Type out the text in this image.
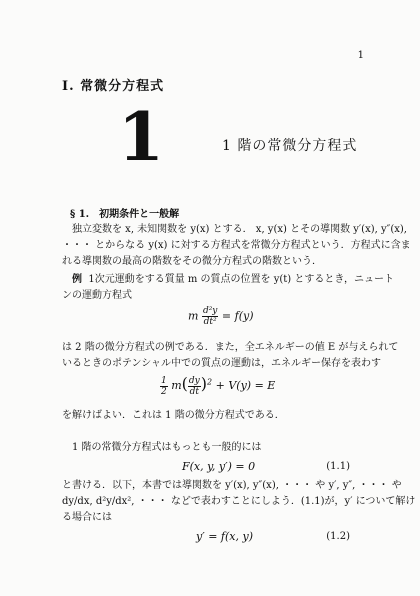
1
I. 常微分方程式
1	1 階の常微分方程式
§ 1.　初期条件と一般解
独立変数を x, 未知関数を y(x) とする． x, y(x) とその導関数 y′(x), y″(x),
・・・ とからなる y(x) に対する方程式を常微分方程式という．方程式に含ま
れる導関数の最高の階数をその微分方程式の階数という．
例 1次元運動をする質量 m の質点の位置を y(t) とするとき，ニュート
ンの運動方程式
m $\frac{\text{d²y}}{\text{dt²}} = f(y)$
は 2 階の微分方程式の例である．また，全エネルギーの値 E が与えられて
いるときのポテンシャル中での質点の運動は，エネルギー保存を表わす
$\frac{1}{2} m( \frac{dy}{dt} )^2 + V(y) = E$
を解けばよい．これは 1 階の微分方程式である．
1 階の常微分方程式はもっとも一般的には
F(x, y, y′) = 0	(1.1)
と書ける．以下，本書では導関数を y′(x), y″(x), ・・・ や y′, y″, ・・・ や
dy/dx, d²y/dx², ・・・ などで表わすことにしよう．(1.1)が，y′ について解け
る場合には
y′ = f(x, y)	(1.2)
